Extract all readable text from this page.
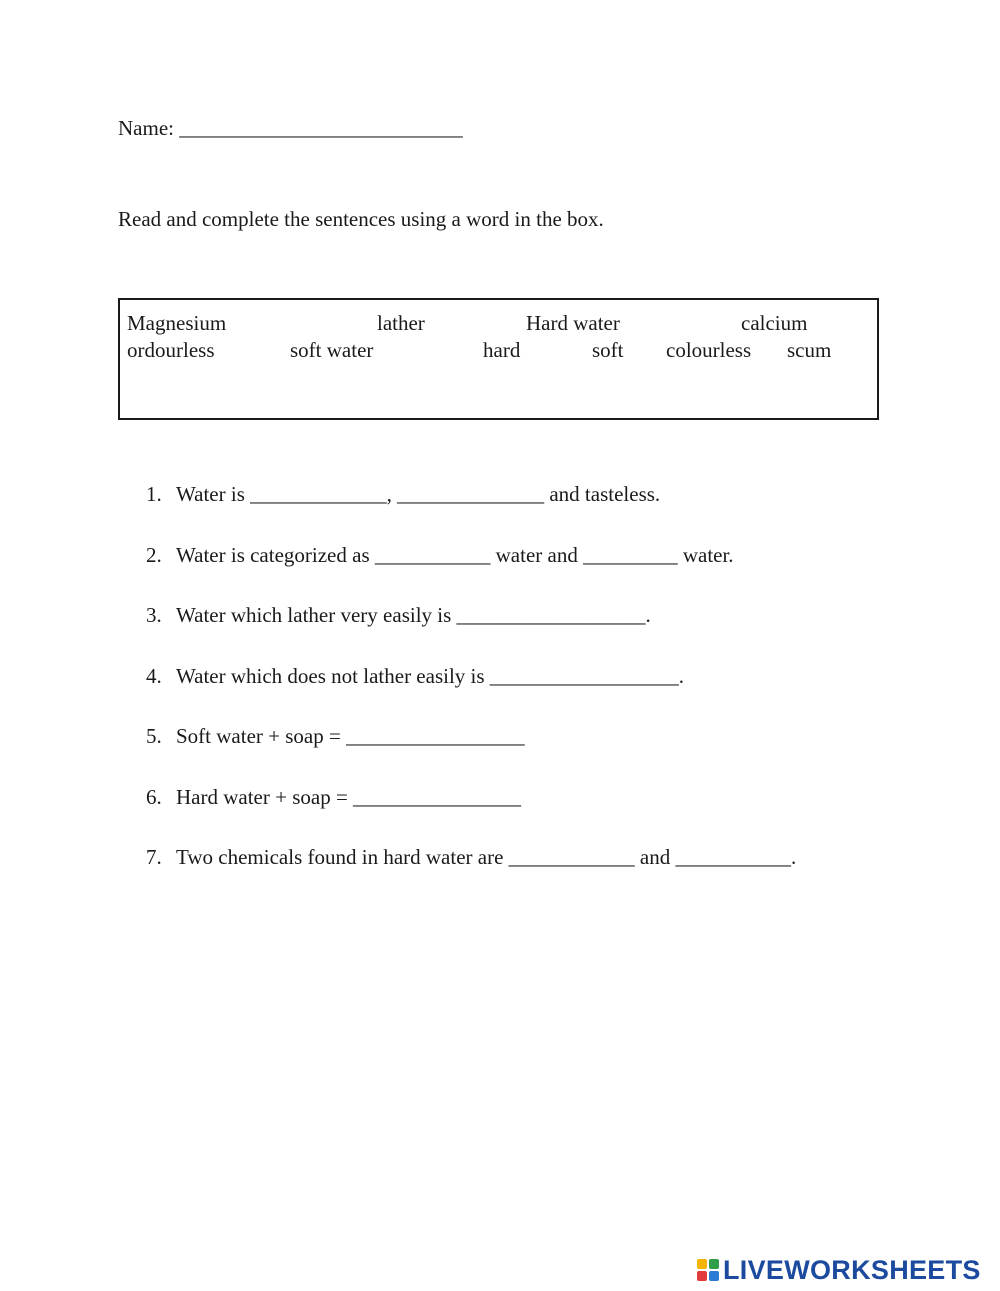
Name: ___________________________
Read and complete the sentences using a word in the box.
Magnesium	lather	Hard water	calcium
ordourless	soft water	hard	soft colourless scum
1. Water is _____________, ______________ and tasteless.
2. Water is categorized as ___________ water and _________ water.
3. Water which lather very easily is __________________.
4. Water which does not lather easily is __________________.
5. Soft water + soap = _________________
6. Hard water + soap = ________________
7. Two chemicals found in hard water are ____________ and ___________.
LIVEWORKSHEETS
